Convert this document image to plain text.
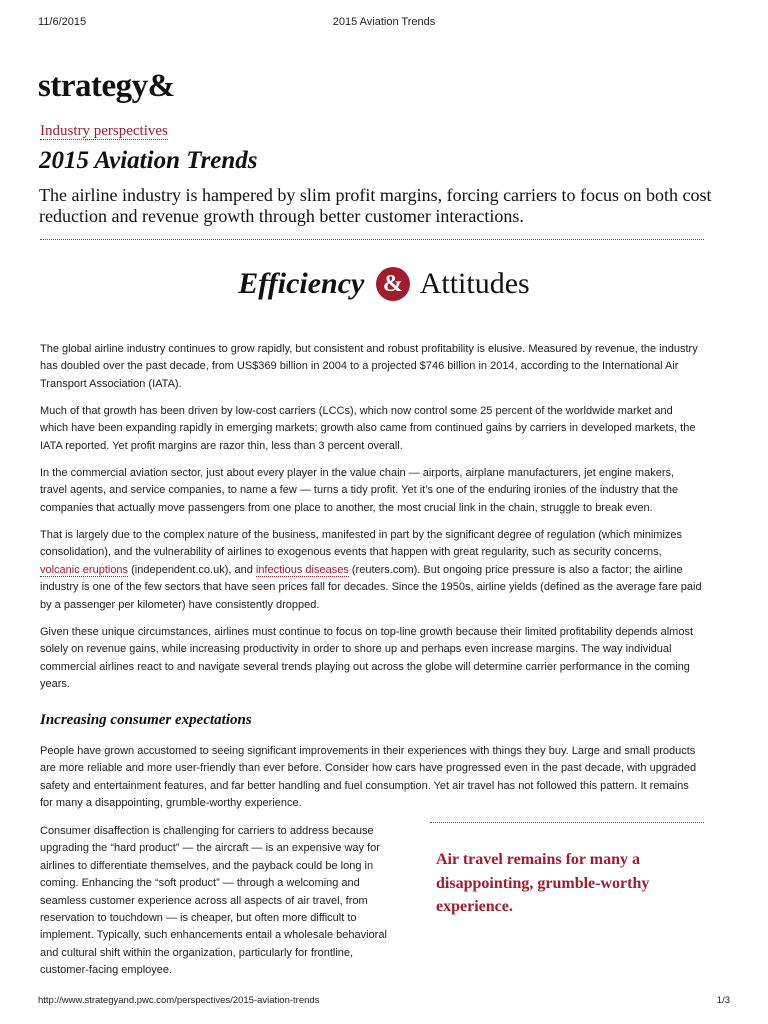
11/6/2015	2015 Aviation Trends
strategy&
Industry perspectives
2015 Aviation Trends

The airline industry is hampered by slim profit margins, forcing carriers to focus on both cost reduction and revenue growth through better customer interactions.

Efficiency & Attitudes

The global airline industry continues to grow rapidly, but consistent and robust profitability is elusive. Measured by revenue, the industry has doubled over the past decade, from US$369 billion in 2004 to a projected $746 billion in 2014, according to the International Air Transport Association (IATA).

Much of that growth has been driven by low-cost carriers (LCCs), which now control some 25 percent of the worldwide market and which have been expanding rapidly in emerging markets; growth also came from continued gains by carriers in developed markets, the IATA reported. Yet profit margins are razor thin, less than 3 percent overall.

In the commercial aviation sector, just about every player in the value chain — airports, airplane manufacturers, jet engine makers, travel agents, and service companies, to name a few — turns a tidy profit. Yet it’s one of the enduring ironies of the industry that the companies that actually move passengers from one place to another, the most crucial link in the chain, struggle to break even.

That is largely due to the complex nature of the business, manifested in part by the significant degree of regulation (which minimizes consolidation), and the vulnerability of airlines to exogenous events that happen with great regularity, such as security concerns, volcanic eruptions (independent.co.uk), and infectious diseases (reuters.com). But ongoing price pressure is also a factor; the airline industry is one of the few sectors that have seen prices fall for decades. Since the 1950s, airline yields (defined as the average fare paid by a passenger per kilometer) have consistently dropped.

Given these unique circumstances, airlines must continue to focus on top-line growth because their limited profitability depends almost solely on revenue gains, while increasing productivity in order to shore up and perhaps even increase margins. The way individual commercial airlines react to and navigate several trends playing out across the globe will determine carrier performance in the coming years.

Increasing consumer expectations

People have grown accustomed to seeing significant improvements in their experiences with things they buy. Large and small products are more reliable and more user-friendly than ever before. Consider how cars have progressed even in the past decade, with upgraded safety and entertainment features, and far better handling and fuel consumption. Yet air travel has not followed this pattern. It remains for many a disappointing, grumble-worthy experience.

Consumer disaffection is challenging for carriers to address because upgrading the “hard product” — the aircraft — is an expensive way for airlines to differentiate themselves, and the payback could be long in coming. Enhancing the “soft product” — through a welcoming and seamless customer experience across all aspects of air travel, from reservation to touchdown — is cheaper, but often more difficult to implement. Typically, such enhancements entail a wholesale behavioral and cultural shift within the organization, particularly for frontline, customer-facing employee.

Air travel remains for many a disappointing, grumble-worthy experience.

http://www.strategyand.pwc.com/perspectives/2015-aviation-trends	1/3
